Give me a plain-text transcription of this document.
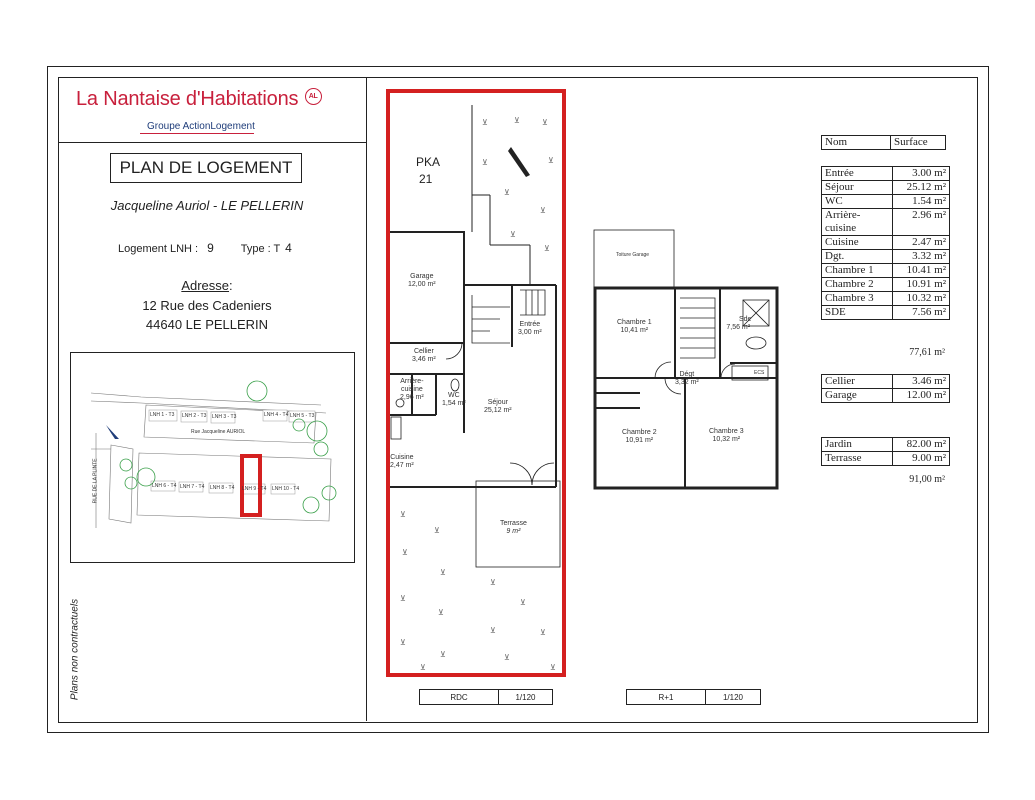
La Nantaise d'Habitations AL
Groupe ActionLogement
PLAN DE LOGEMENT
Jacqueline Auriol - LE PELLERIN
Logement LNH : 9 Type : T 4
Adresse:
12 Rue des Cadeniers
44640 LE PELLERIN
Rue Jacqueline AURIOL
RUE DE LA PLINTE
LNH 1 - T3 LNH 2 - T3 LNH 3 - T3	LNH 4 - T4 LNH 5 - T3
LNH 6 - T4 LNH 7 - T4 LNH 8 - T4 LNH 9 - T4 LNH 10 - T4
Plans non contractuels
⊻	⊻	⊻
⊻	⊻
⊻
⊻
⊻
⊻
⊻
⊻
⊻
⊻
⊻
⊻
⊻
⊻
⊻
⊻
⊻	⊻
⊻
⊻
⊻
PKA
21
Garage
12,00 m²
Cellier
3,46 m²
Entrée
3,00 m²
Arrière-
cuisine
2,96 m²	WC
1,54 m²	Séjour
25,12 m²
Cuisine
2,47 m²
Terrasse
9 m²
Toiture Garage
Chambre 1
10,41 m²
Sde
7,56 m²
Dégt
3,32 m²
ECS
Chambre 2
10,91 m²
Chambre 3
10,32 m²
RDC	1/120	R+1	1/120
Nom	Surface
Entrée	3.00 m²
Séjour	25.12 m²
WC	1.54 m²
Arrière-cuisine	2.96 m²
Cuisine	2.47 m²
Dgt.	3.32 m²
Chambre 1	10.41 m²
Chambre 2	10.91 m²
Chambre 3	10.32 m²
SDE	7.56 m²
77,61 m²
Cellier	3.46 m²
Garage	12.00 m²
Jardin	82.00 m²
Terrasse	9.00 m²
91,00 m²
